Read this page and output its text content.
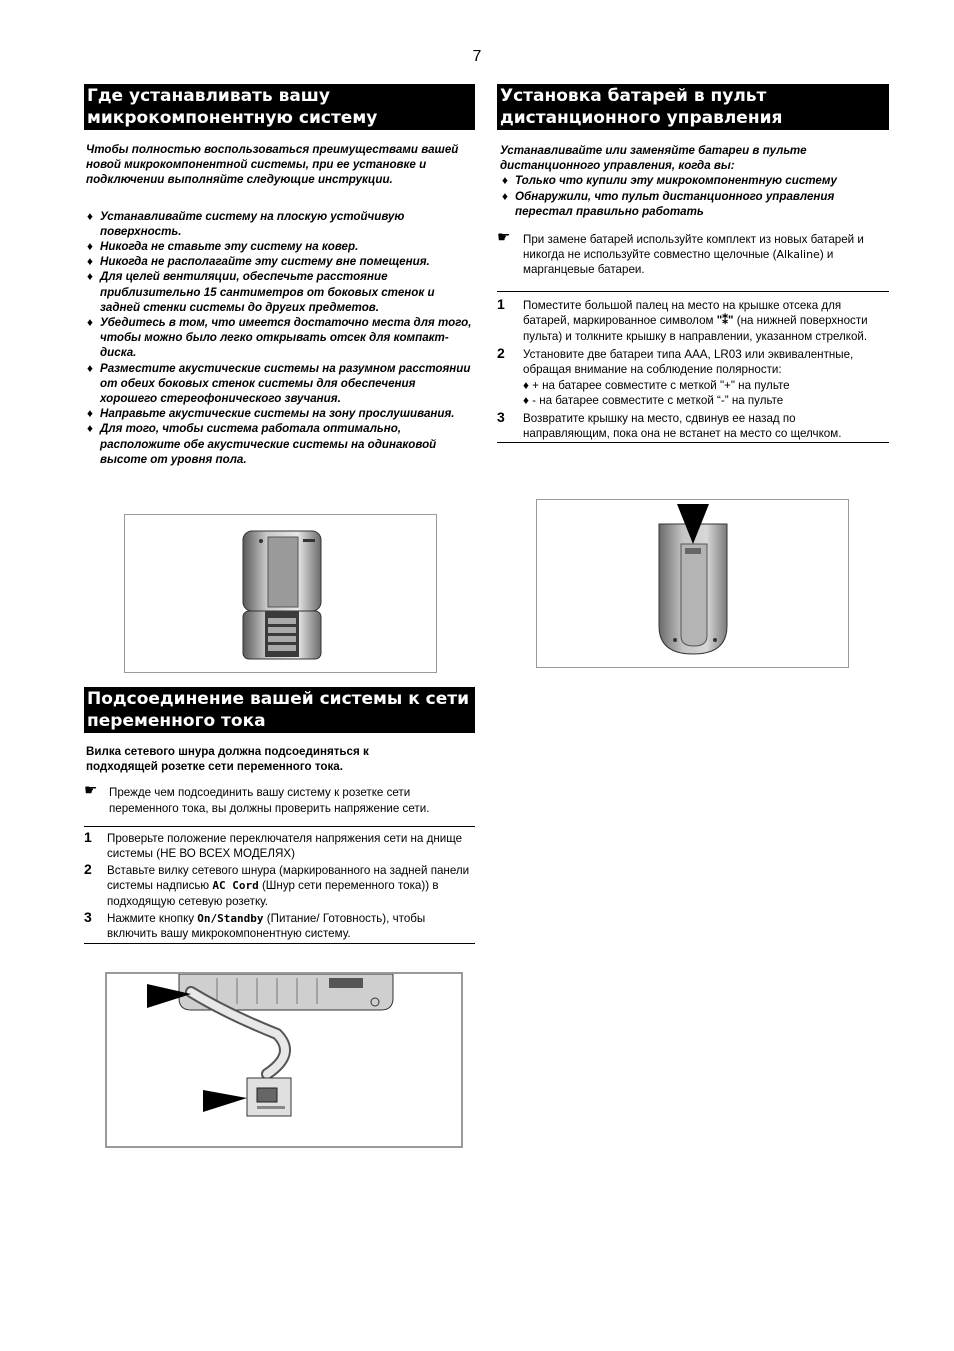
7
Где устанавливать вашу
микрокомпонентную систему
Чтобы полностью воспользоваться преимуществами вашей новой микрокомпонентной системы, при ее установке и подключении выполняйте следующие инструкции.
♦ Устанавливайте систему на плоскую устойчивую поверхность.
♦ Никогда не ставьте эту систему на ковер.
♦ Никогда не располагайте эту систему вне помещения.
♦ Для целей вентиляции, обеспечьте расстояние приблизительно 15 сантиметров от боковых стенок и задней стенки системы до других предметов.
♦ Убедитесь в том, что имеется достаточно места для того, чтобы можно было легко открывать отсек для компакт-диска.
♦ Разместите акустические системы на разумном расстоянии от обеих боковых стенок системы для обеспечения хорошего стереофонического звучания.
♦ Направьте акустические системы на зону прослушивания.
♦ Для того, чтобы система работала оптимально, расположите обе акустические системы на одинаковой высоте от уровня пола.
Подсоединение вашей системы к сети
переменного тока
Вилка сетевого шнура должна подсоединяться к подходящей розетке сети переменного тока.
☛ Прежде чем подсоединить вашу систему к розетке сети переменного тока, вы должны проверить напряжение сети.
1 Проверьте положение переключателя напряжения сети на днище системы (НЕ ВО ВСЕХ МОДЕЛЯХ)
2 Вставьте вилку сетевого шнура (маркированного на задней панели системы надписью AC Cord (Шнур сети переменного тока)) в подходящую сетевую розетку.
3 Нажмите кнопку On/Standby (Питание/ Готовность), чтобы включить вашу микрокомпонентную систему.
Установка батарей в пульт
дистанционного управления
Устанавливайте или заменяйте батареи в пульте дистанционного управления, когда вы:
♦ Только что купили эту микрокомпонентную систему
♦ Обнаружили, что пульт дистанционного управления перестал правильно работать
☛ При замене батарей используйте комплект из новых батарей и никогда не используйте совместно щелочные (Alkaline) и марганцевые батареи.
1 Поместите большой палец на место на крышке отсека для батарей, маркированное символом "⁑" (на нижней поверхности пульта) и толкните крышку в направлении, указанном стрелкой.
2 Установите две батареи типа AAA, LR03 или эквивалентные, обращая внимание на соблюдение полярности:
♦ + на батарее совместите с меткой "+" на пульте
♦ - на батарее совместите с меткой “-” на пульте
3 Возвратите крышку на место, сдвинув ее назад по направляющим, пока она не встанет на место со щелчком.
